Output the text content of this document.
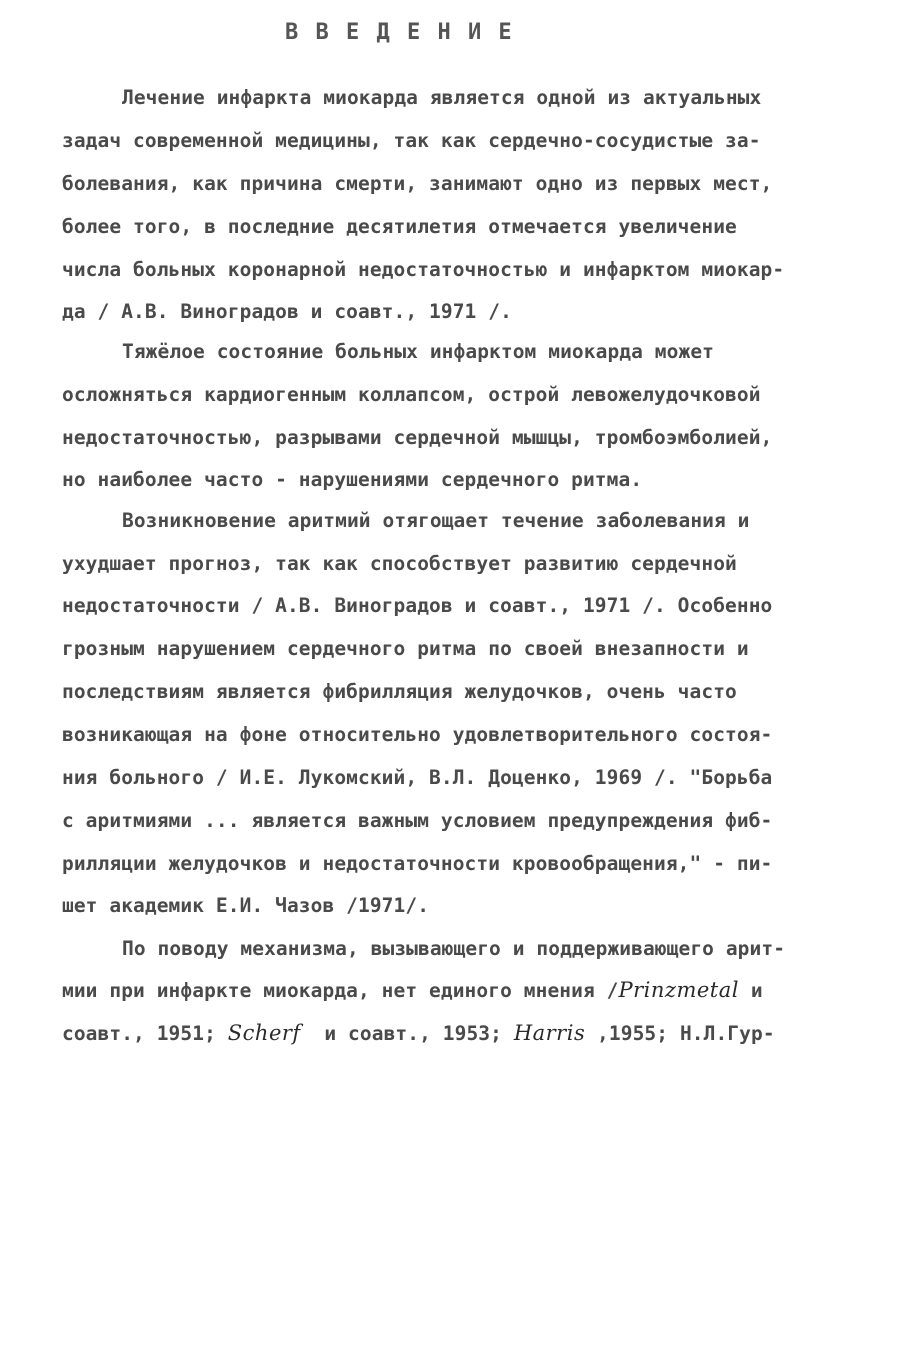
В В Е Д Е Н И Е
Лечение инфаркта миокарда является одной из актуальных
задач современной медицины, так как сердечно-сосудистые за-
болевания, как причина смерти, занимают одно из первых мест,
более того, в последние десятилетия отмечается увеличение
числа больных коронарной недостаточностью и инфарктом миокар-
да / А.В. Виноградов и соавт., 1971 /.
Тяжёлое состояние больных инфарктом миокарда может
осложняться кардиогенным коллапсом, острой левожелудочковой
недостаточностью, разрывами сердечной мышцы, тромбоэмболией,
но наиболее часто - нарушениями сердечного ритма.
Возникновение аритмий отягощает течение заболевания и
ухудшает прогноз, так как способствует развитию сердечной
недостаточности / А.В. Виноградов и соавт., 1971 /. Особенно
грозным нарушением сердечного ритма по своей внезапности и
последствиям является фибрилляция желудочков, очень часто
возникающая на фоне относительно удовлетворительного состоя-
ния больного / И.Е. Лукомский, В.Л. Доценко, 1969 /. "Борьба
с аритмиями ... является важным условием предупреждения фиб-
рилляции желудочков и недостаточности кровообращения," - пи-
шет академик Е.И. Чазов /1971/.
По поводу механизма, вызывающего и поддерживающего арит-
мии при инфаркте миокарда, нет единого мнения /Prinzmetal и
соавт., 1951; Scherf  и соавт., 1953; Harris ,1955; Н.Л.Гур-
